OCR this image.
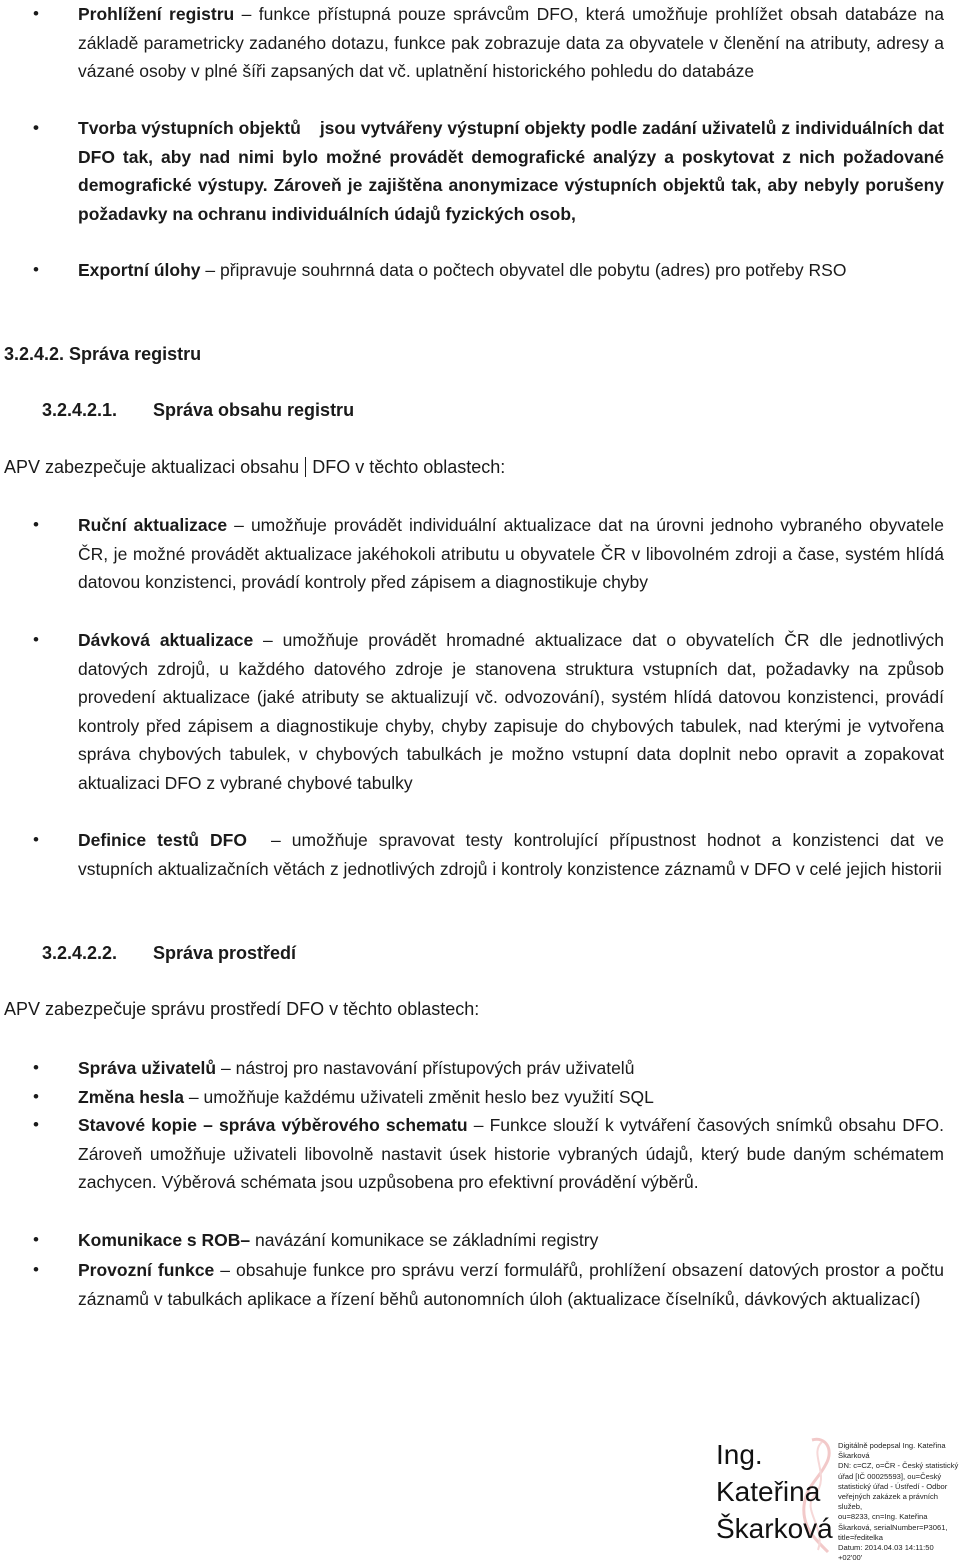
• Prohlížení registru – funkce přístupná pouze správcům DFO, která umožňuje prohlížet obsah databáze na základě parametricky zadaného dotazu, funkce pak zobrazuje data za obyvatele v členění na atributy, adresy a vázané osoby v plné šíři zapsaných dat vč. uplatnění historického pohledu do databáze
• Tvorba výstupních objektů jsou vytvářeny výstupní objekty podle zadání uživatelů z individuálních dat DFO tak, aby nad nimi bylo možné provádět demografické analýzy a poskytovat z nich požadované demografické výstupy. Zároveň je zajištěna anonymizace výstupních objektů tak, aby nebyly porušeny požadavky na ochranu individuálních údajů fyzických osob,
• Exportní úlohy – připravuje souhrnná data o počtech obyvatel dle pobytu (adres) pro potřeby RSO
3.2.4.2. Správa registru
3.2.4.2.1. Správa obsahu registru
APV zabezpečuje aktualizaci obsahu DFO v těchto oblastech:
• Ruční aktualizace – umožňuje provádět individuální aktualizace dat na úrovni jednoho vybraného obyvatele ČR, je možné provádět aktualizace jakéhokoli atributu u obyvatele ČR v libovolném zdroji a čase, systém hlídá datovou konzistenci, provádí kontroly před zápisem a diagnostikuje chyby
• Dávková aktualizace – umožňuje provádět hromadné aktualizace dat o obyvatelích ČR dle jednotlivých datových zdrojů, u každého datového zdroje je stanovena struktura vstupních dat, požadavky na způsob provedení aktualizace (jaké atributy se aktualizují vč. odvozování), systém hlídá datovou konzistenci, provádí kontroly před zápisem a diagnostikuje chyby, chyby zapisuje do chybových tabulek, nad kterými je vytvořena správa chybových tabulek, v chybových tabulkách je možno vstupní data doplnit nebo opravit a zopakovat aktualizaci DFO z vybrané chybové tabulky
• Definice testů DFO – umožňuje spravovat testy kontrolující přípustnost hodnot a konzistenci dat ve vstupních aktualizačních větách z jednotlivých zdrojů i kontroly konzistence záznamů v DFO v celé jejich historii
3.2.4.2.2. Správa prostředí
APV zabezpečuje správu prostředí DFO v těchto oblastech:
• Správa uživatelů – nástroj pro nastavování přístupových práv uživatelů
• Změna hesla – umožňuje každému uživateli změnit heslo bez využití SQL
• Stavové kopie – správa výběrového schematu – Funkce slouží k vytváření časových snímků obsahu DFO. Zároveň umožňuje uživateli libovolně nastavit úsek historie vybraných údajů, který bude daným schématem zachycen. Výběrová schémata jsou uzpůsobena pro efektivní provádění výběrů.
• Komunikace s ROB– navázání komunikace se základními registry
• Provozní funkce – obsahuje funkce pro správu verzí formulářů, prohlížení obsazení datových prostor a počtu záznamů v tabulkách aplikace a řízení běhů autonomních úloh (aktualizace číselníků, dávkových aktualizací)
Ing.
Kateřina
Škarková
Digitálně podepsal Ing. Kateřina
Škarková
DN: c=CZ, o=ČR - Český statistický
úřad [IČ 00025593], ou=Český
statistický úřad - Ústředí - Odbor
veřejných zakázek a právních služeb,
ou=8233, cn=Ing. Kateřina
Škarková, serialNumber=P3061,
title=ředitelka
Datum: 2014.04.03 14:11:50 +02'00'
